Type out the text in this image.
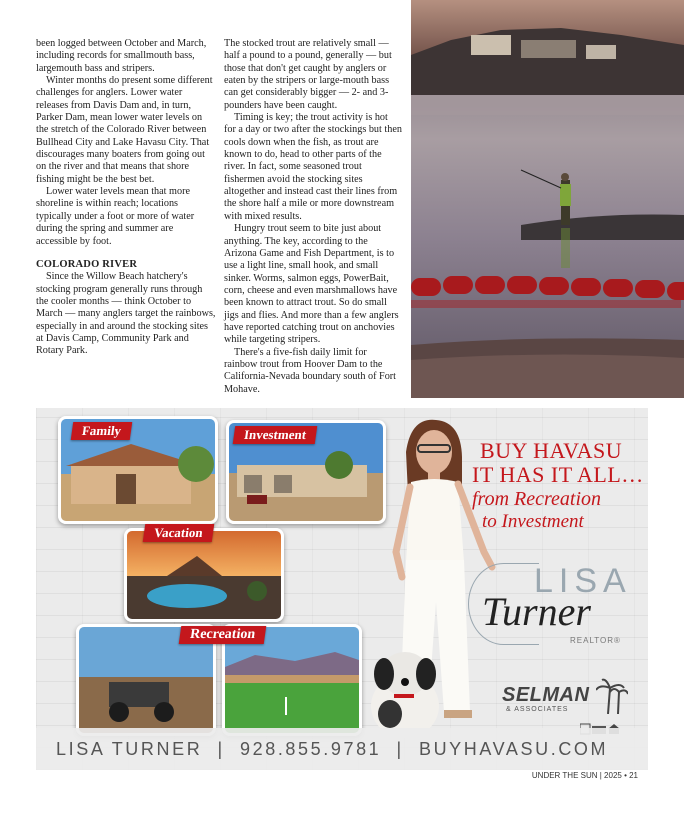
been logged between October and March, including records for smallmouth bass, largemouth bass and stripers.

Winter months do present some different challenges for anglers. Lower water releases from Davis Dam and, in turn, Parker Dam, mean lower water levels on the stretch of the Colorado River between Bullhead City and Lake Havasu City. That discourages many boaters from going out on the river and that means that shore fishing might be the best bet.

Lower water levels mean that more shoreline is within reach; locations typically under a foot or more of water during the spring and summer are accessible by foot.

COLORADO RIVER

Since the Willow Beach hatchery's stocking program generally runs through the cooler months — think October to March — many anglers target the rainbows, especially in and around the stocking sites at Davis Camp, Community Park and Rotary Park.

The stocked trout are relatively small — half a pound to a pound, generally — but those that don't get caught by anglers or eaten by the stripers or large-mouth bass can get considerably bigger — 2- and 3-pounders have been caught.

Timing is key; the trout activity is hot for a day or two after the stockings but then cools down when the fish, as trout are known to do, head to other parts of the river. In fact, some seasoned trout fishermen avoid the stocking sites altogether and instead cast their lines from the shore half a mile or more downstream with mixed results.

Hungry trout seem to bite just about anything. The key, according to the Arizona Game and Fish Department, is to use a light line, small hook, and small sinker. Worms, salmon eggs, PowerBait, corn, cheese and even marshmallows have been known to attract trout. So do small jigs and flies. And more than a few anglers have reported catching trout on anchovies while targeting stripers.

There's a five-fish daily limit for rainbow trout from Hoover Dam to the California-Nevada boundary south of Fort Mohave.

Family	Investment
Vacation
Recreation
BUY HAVASU
IT HAS IT ALL…
from Recreation
to Investment
LISA
Turner
REALTOR®
SELMAN
& ASSOCIATES
LISA TURNER  |  928.855.9781  |  BUYHAVASU.COM
UNDER THE SUN | 2025 • 21
